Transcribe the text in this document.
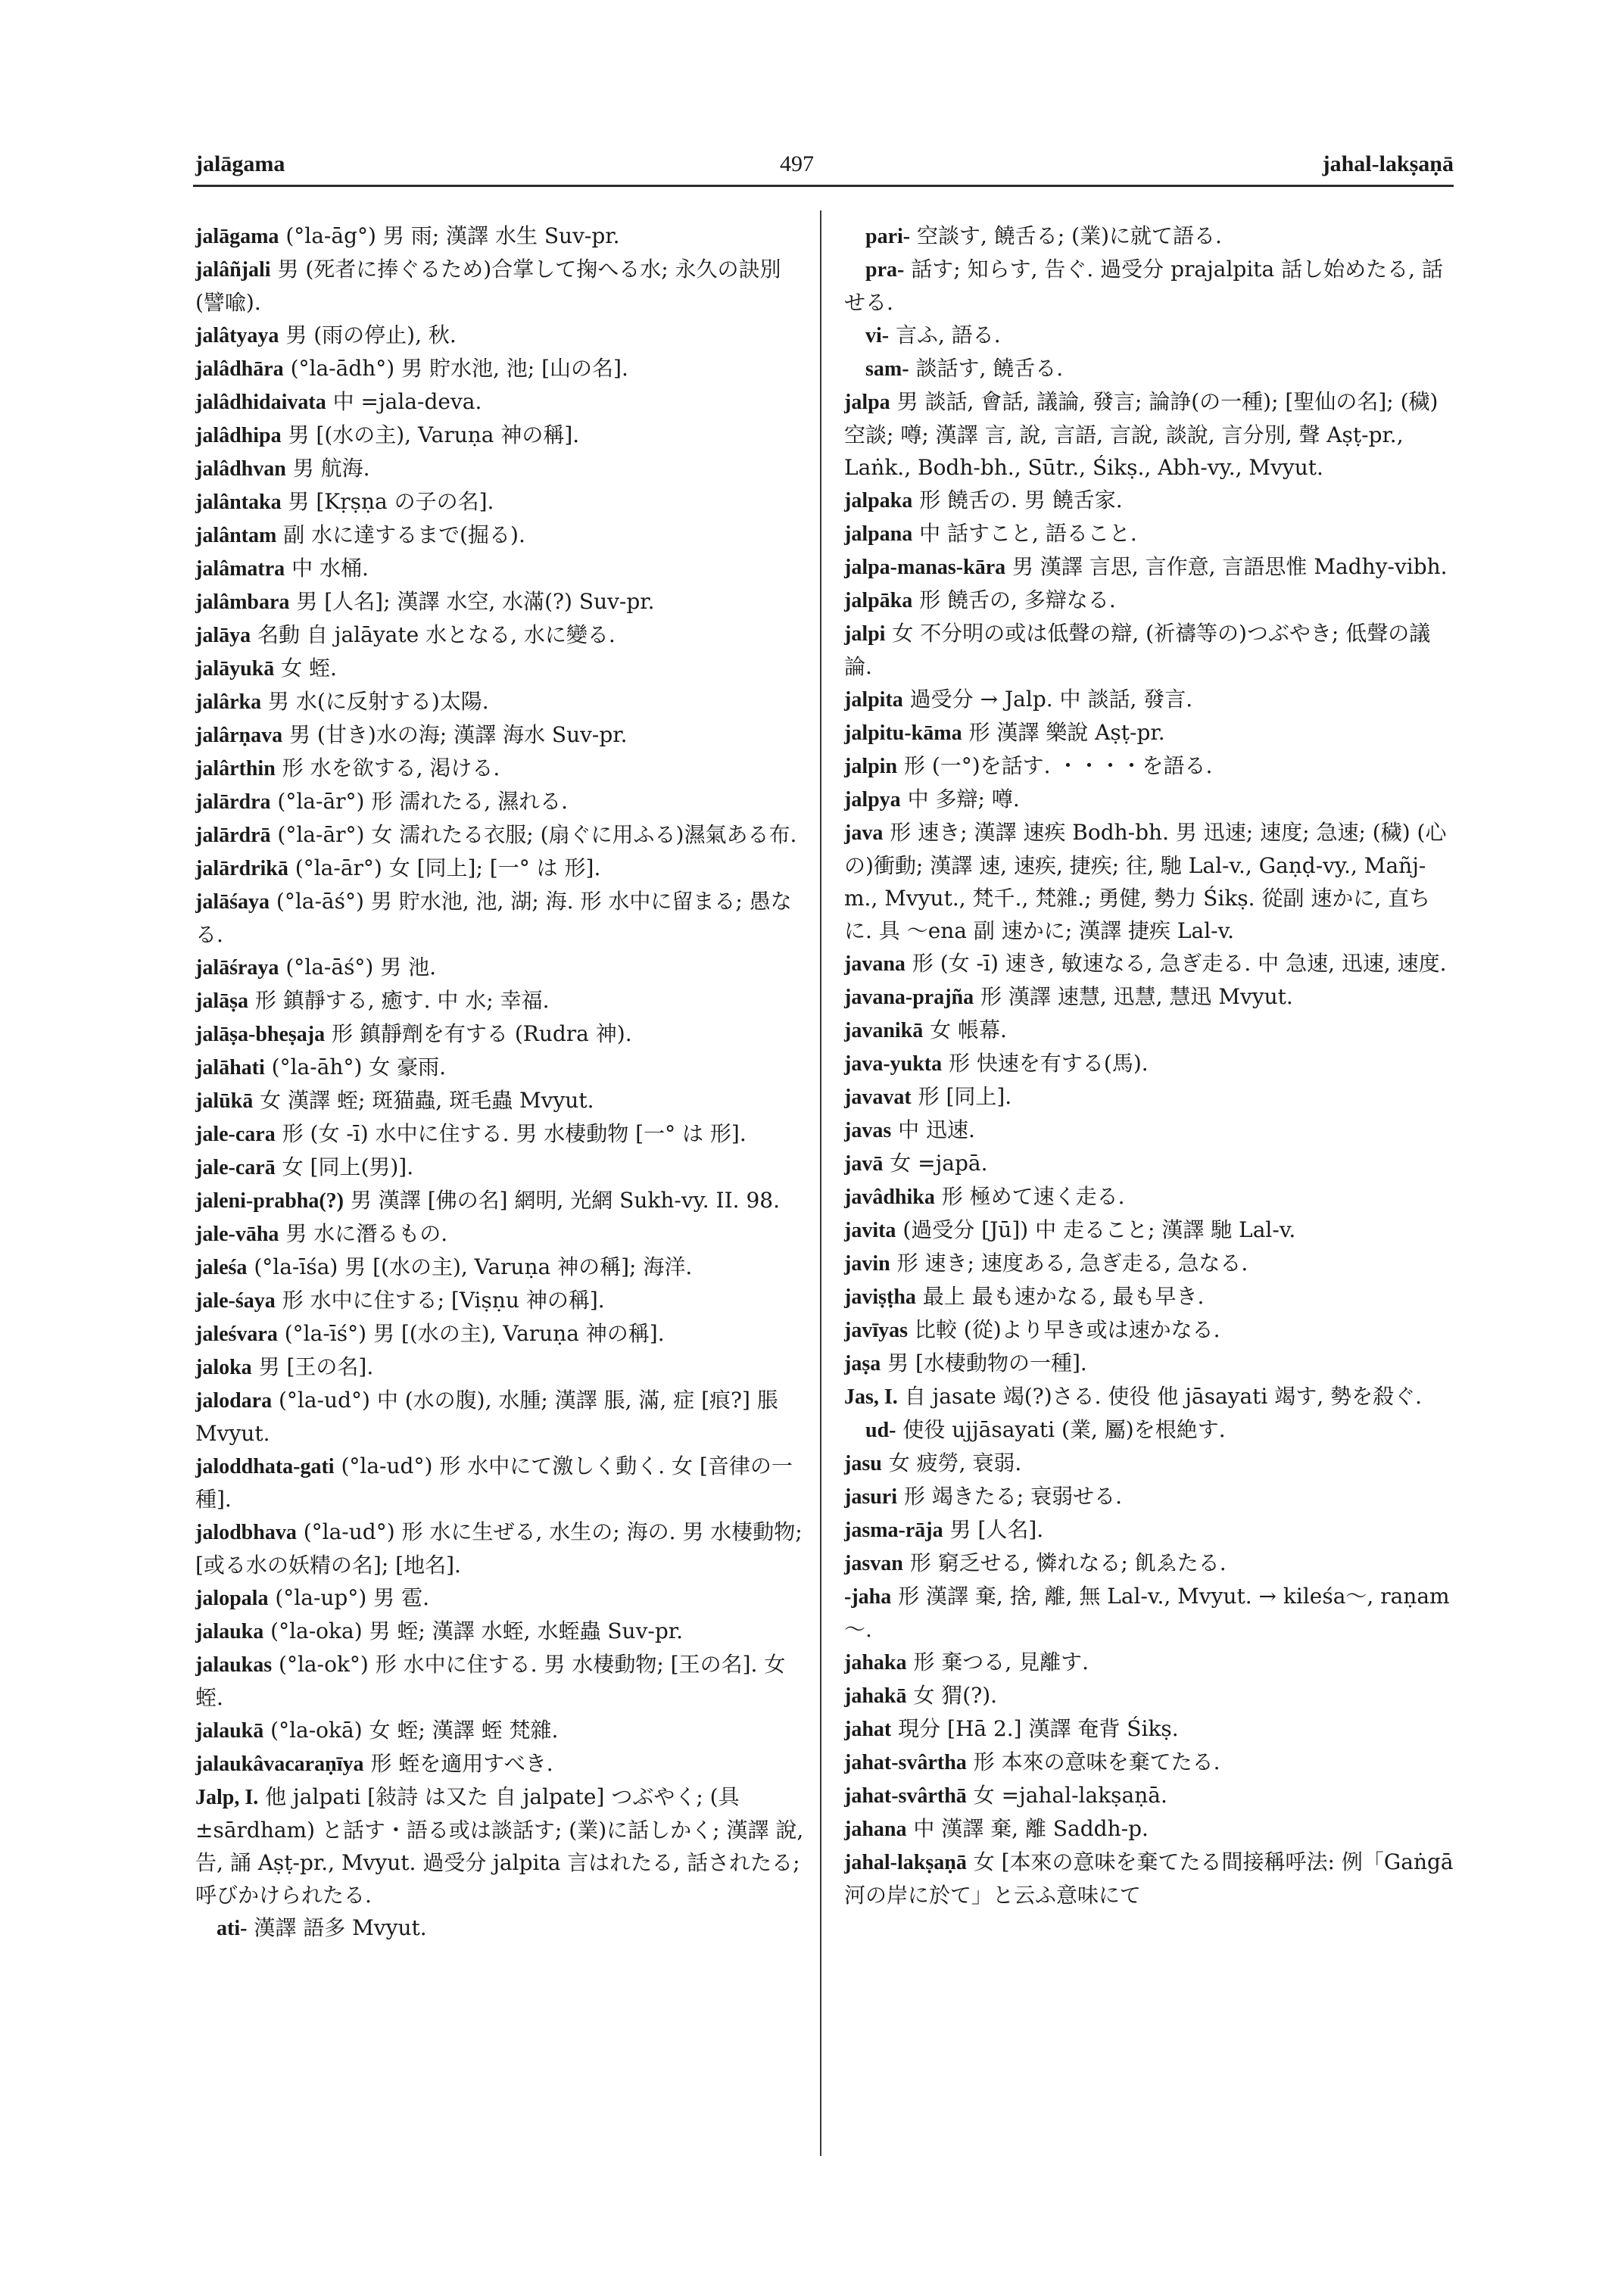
jalāgama	497	jahal-lakṣaṇā

jalāgama (°la-āg°) 男 雨; 漢譯 水生 Suv-pr.

jalâñjali 男 (死者に捧ぐるため)合掌して掬へる水; 永久の訣別(譬喩).

jalâtyaya 男 (雨の停止), 秋.

jalâdhāra (°la-ādh°) 男 貯水池, 池; [山の名].

jalâdhidaivata 中 =jala-deva.

jalâdhipa 男 [(水の主), Varuṇa 神の稱].

jalâdhvan 男 航海.

jalântaka 男 [Kṛṣṇa の子の名].

jalântam 副 水に達するまで(掘る).

jalâmatra 中 水桶.

jalâmbara 男 [人名]; 漢譯 水空, 水滿(?) Suv-pr.

jalāya 名動 自 jalāyate 水となる, 水に變る.

jalāyukā 女 蛭.

jalârka 男 水(に反射する)太陽.

jalârṇava 男 (甘き)水の海; 漢譯 海水 Suv-pr.

jalârthin 形 水を欲する, 渇ける.

jalārdra (°la-ār°) 形 濡れたる, 濕れる.

jalārdrā (°la-ār°) 女 濡れたる衣服; (扇ぐに用ふる)濕氣ある布.

jalārdrikā (°la-ār°) 女 [同上]; [一° は 形].

jalāśaya (°la-āś°) 男 貯水池, 池, 湖; 海. 形 水中に留まる; 愚なる.

jalāśraya (°la-āś°) 男 池.

jalāṣa 形 鎮靜する, 癒す. 中 水; 幸福.

jalāṣa-bheṣaja 形 鎮靜劑を有する (Rudra 神).

jalāhati (°la-āh°) 女 豪雨.

jalūkā 女 漢譯 蛭; 斑猫蟲, 斑毛蟲 Mvyut.

jale-cara 形 (女 -ī) 水中に住する. 男 水棲動物 [一° は 形].

jale-carā 女 [同上(男)].

jaleni-prabha(?) 男 漢譯 [佛の名] 網明, 光網 Sukh-vy. II. 98.

jale-vāha 男 水に潛るもの.

jaleśa (°la-īśa) 男 [(水の主), Varuṇa 神の稱]; 海洋.

jale-śaya 形 水中に住する; [Viṣṇu 神の稱].

jaleśvara (°la-īś°) 男 [(水の主), Varuṇa 神の稱].

jaloka 男 [王の名].

jalodara (°la-ud°) 中 (水の腹), 水腫; 漢譯 脹, 滿, 症 [痕?] 脹 Mvyut.

jaloddhata-gati (°la-ud°) 形 水中にて激しく動く. 女 [音律の一種].

jalodbhava (°la-ud°) 形 水に生ぜる, 水生の; 海の. 男 水棲動物; [或る水の妖精の名]; [地名].

jalopala (°la-up°) 男 雹.

jalauka (°la-oka) 男 蛭; 漢譯 水蛭, 水蛭蟲 Suv-pr.

jalaukas (°la-ok°) 形 水中に住する. 男 水棲動物; [王の名]. 女 蛭.

jalaukā (°la-okā) 女 蛭; 漢譯 蛭 梵雜.

jalaukâvacaraṇīya 形 蛭を適用すべき.

Jalp, I. 他 jalpati [敍詩 は又た 自 jalpate] つぶやく; (具 ±sārdham) と話す・語る或は談話す; (業)に話しかく; 漢譯 說, 告, 誦 Aṣṭ-pr., Mvyut. 過受分 jalpita 言はれたる, 話されたる; 呼びかけられたる.

ati- 漢譯 語多 Mvyut.

pari- 空談す, 饒舌る; (業)に就て語る.

pra- 話す; 知らす, 告ぐ. 過受分 prajalpita 話し始めたる, 話せる.

vi- 言ふ, 語る.

sam- 談話す, 饒舌る.

jalpa 男 談話, 會話, 議論, 發言; 論諍(の一種); [聖仙の名]; (穢) 空談; 噂; 漢譯 言, 說, 言語, 言說, 談說, 言分別, 聲 Aṣṭ-pr., Laṅk., Bodh-bh., Sūtr., Śikṣ., Abh-vy., Mvyut.

jalpaka 形 饒舌の. 男 饒舌家.

jalpana 中 話すこと, 語ること.

jalpa-manas-kāra 男 漢譯 言思, 言作意, 言語思惟 Madhy-vibh.

jalpāka 形 饒舌の, 多辯なる.

jalpi 女 不分明の或は低聲の辯, (祈禱等の)つぶやき; 低聲の議論.

jalpita 過受分 → Jalp. 中 談話, 發言.

jalpitu-kāma 形 漢譯 樂說 Aṣṭ-pr.

jalpin 形 (一°)を話す. ・・・・を語る.

jalpya 中 多辯; 噂.

java 形 速き; 漢譯 速疾 Bodh-bh. 男 迅速; 速度; 急速; (穢) (心の)衝動; 漢譯 速, 速疾, 捷疾; 往, 馳 Lal-v., Gaṇḍ-vy., Mañj-m., Mvyut., 梵千., 梵雜.; 勇健, 勢力 Śikṣ. 從副 速かに, 直ちに. 具 ～ena 副 速かに; 漢譯 捷疾 Lal-v.

javana 形 (女 -ī) 速き, 敏速なる, 急ぎ走る. 中 急速, 迅速, 速度.

javana-prajña 形 漢譯 速慧, 迅慧, 慧迅 Mvyut.

javanikā 女 帳幕.

java-yukta 形 快速を有する(馬).

javavat 形 [同上].

javas 中 迅速.

javā 女 =japā.

javâdhika 形 極めて速く走る.

javita (過受分 [Jū]) 中 走ること; 漢譯 馳 Lal-v.

javin 形 速き; 速度ある, 急ぎ走る, 急なる.

javiṣṭha 最上 最も速かなる, 最も早き.

javīyas 比較 (從)より早き或は速かなる.

jaṣa 男 [水棲動物の一種].

Jas, I. 自 jasate 竭(?)さる. 使役 他 jāsayati 竭す, 勢を殺ぐ.

ud- 使役 ujjāsayati (業, 屬)を根絶す.

jasu 女 疲勞, 衰弱.

jasuri 形 竭きたる; 衰弱せる.

jasma-rāja 男 [人名].

jasvan 形 窮乏せる, 憐れなる; 飢ゑたる.

-jaha 形 漢譯 棄, 捨, 離, 無 Lal-v., Mvyut. → kileśa～, raṇam～.

jahaka 形 棄つる, 見離す.

jahakā 女 猬(?).

jahat 現分 [Hā 2.] 漢譯 奄背 Śikṣ.

jahat-svârtha 形 本來の意味を棄てたる.

jahat-svârthā 女 =jahal-lakṣaṇā.

jahana 中 漢譯 棄, 離 Saddh-p.

jahal-lakṣaṇā 女 [本來の意味を棄てたる間接稱呼法: 例「Gaṅgā 河の岸に於て」と云ふ意味にて
